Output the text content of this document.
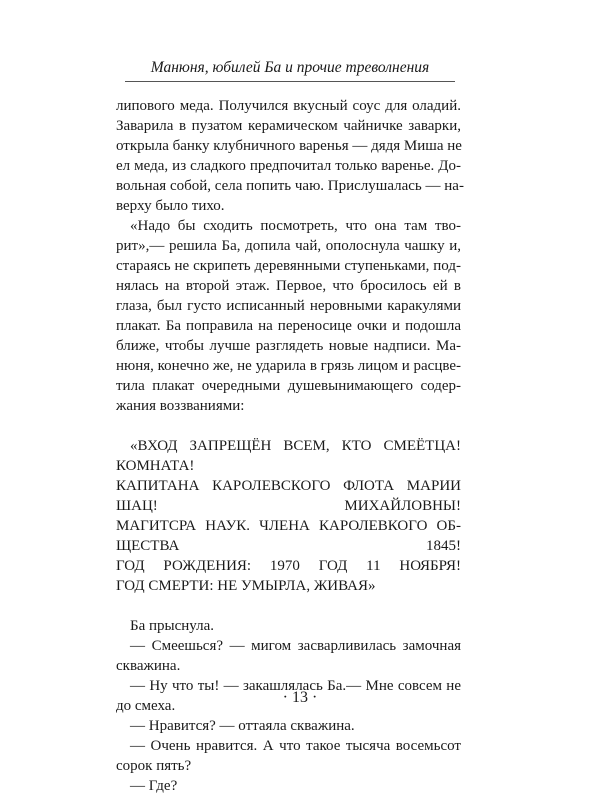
Манюня, юбилей Ба и прочие треволнения
липового меда. Получился вкусный соус для оладий.
Заварила в пузатом керамическом чайничке заварки,
открыла банку клубничного варенья — дядя Миша не
ел меда, из сладкого предпочитал только варенье. До-
вольная собой, села попить чаю. Прислушалась — на-
верху было тихо.
«Надо бы сходить посмотреть, что она там тво-
рит»,— решила Ба, допила чай, ополоснула чашку и,
стараясь не скрипеть деревянными ступеньками, под-
нялась на второй этаж. Первое, что бросилось ей в
глаза, был густо исписанный неровными каракулями
плакат. Ба поправила на переносице очки и подошла
ближе, чтобы лучше разглядеть новые надписи. Ма-
нюня, конечно же, не ударила в грязь лицом и расцве-
тила плакат очередными душевынимающего содер-
жания воззваниями:
«ВХОД ЗАПРЕЩЁН ВСЕМ, КТО СМЕЁТЦА!
КОМНАТА!
КАПИТАНА КАРОЛЕВСКОГО ФЛОТА МАРИИ
ШАЦ! МИХАЙЛОВНЫ!
МАГИТСРА НАУК. ЧЛЕНА КАРОЛЕВКОГО ОБ-
ЩЕСТВА 1845!
ГОД РОЖДЕНИЯ: 1970 ГОД 11 НОЯБРЯ!
ГОД СМЕРТИ: НЕ УМЫРЛА, ЖИВАЯ»
Ба прыснула.
— Смеешься? — мигом засварливилась замочная
скважина.
— Ну что ты! — закашлялась Ба.— Мне совсем не
до смеха.
— Нравится? — оттаяла скважина.
— Очень нравится. А что такое тысяча восемьсот
сорок пять?
— Где?
· 13 ·
